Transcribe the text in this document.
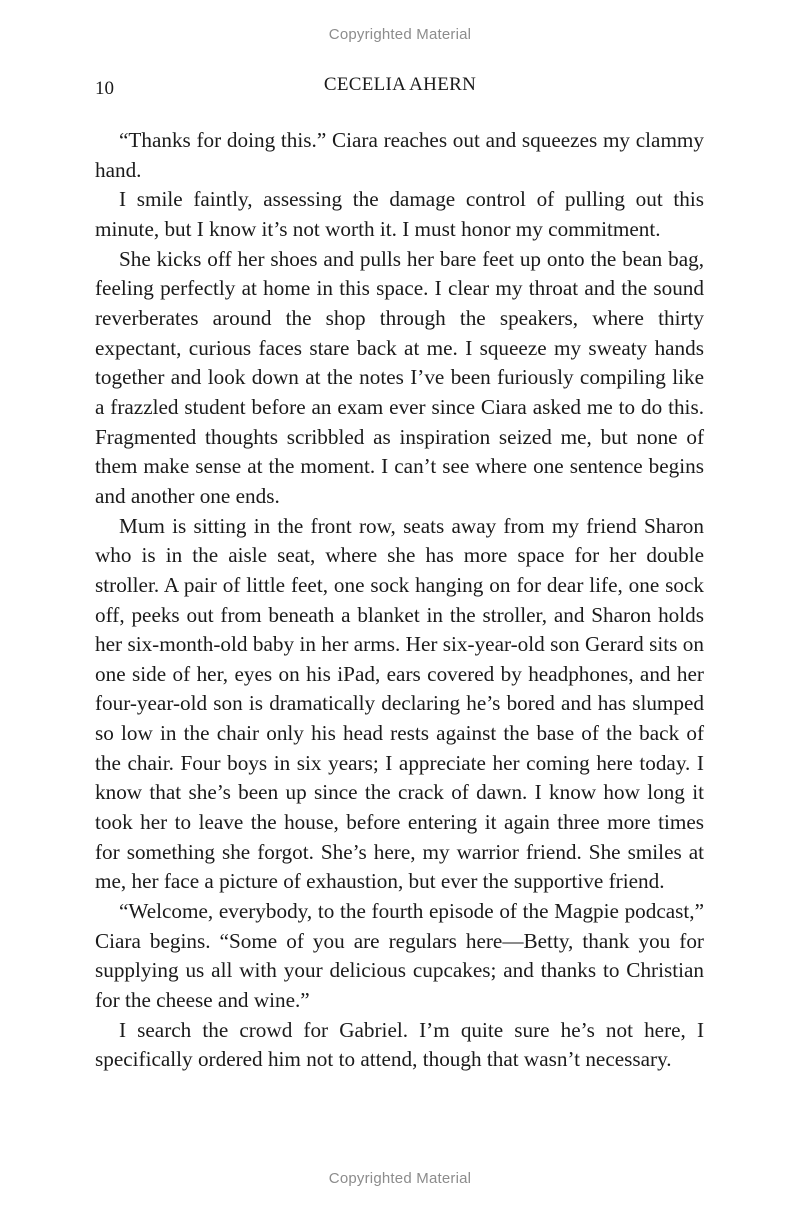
Copyrighted Material
10	CECELIA AHERN

“Thanks for doing this.” Ciara reaches out and squeezes my clammy hand.

I smile faintly, assessing the damage control of pulling out this minute, but I know it’s not worth it. I must honor my commitment.

She kicks off her shoes and pulls her bare feet up onto the bean bag, feeling perfectly at home in this space. I clear my throat and the sound reverberates around the shop through the speakers, where thirty expectant, curious faces stare back at me. I squeeze my sweaty hands together and look down at the notes I’ve been furiously compiling like a frazzled student before an exam ever since Ciara asked me to do this. Fragmented thoughts scribbled as inspiration seized me, but none of them make sense at the moment. I can’t see where one sentence begins and another one ends.

Mum is sitting in the front row, seats away from my friend Sharon who is in the aisle seat, where she has more space for her double stroller. A pair of little feet, one sock hanging on for dear life, one sock off, peeks out from beneath a blanket in the stroller, and Sharon holds her six-month-old baby in her arms. Her six-year-old son Gerard sits on one side of her, eyes on his iPad, ears covered by headphones, and her four-year-old son is dramatically declaring he’s bored and has slumped so low in the chair only his head rests against the base of the back of the chair. Four boys in six years; I appreciate her coming here today. I know that she’s been up since the crack of dawn. I know how long it took her to leave the house, before entering it again three more times for something she forgot. She’s here, my warrior friend. She smiles at me, her face a picture of exhaustion, but ever the supportive friend.

“Welcome, everybody, to the fourth episode of the Magpie podcast,” Ciara begins. “Some of you are regulars here—Betty, thank you for supplying us all with your delicious cupcakes; and thanks to Christian for the cheese and wine.”

I search the crowd for Gabriel. I’m quite sure he’s not here, I specifically ordered him not to attend, though that wasn’t necessary.

Copyrighted Material
